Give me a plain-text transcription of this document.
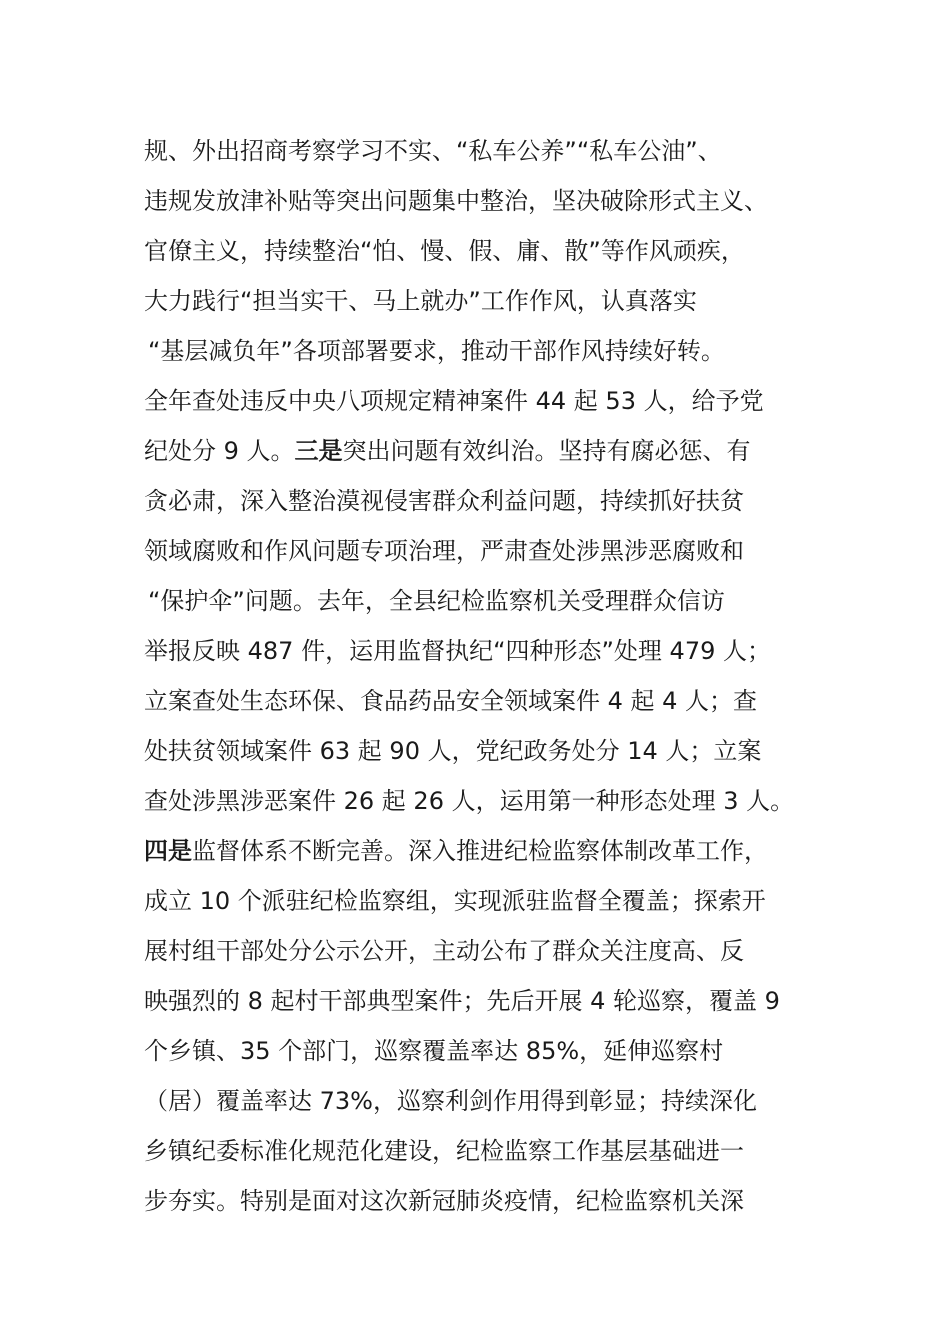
规、外出招商考察学习不实、“私车公养”“私车公油”、
违规发放津补贴等突出问题集中整治，坚决破除形式主义、
官僚主义，持续整治“怕、慢、假、庸、散”等作风顽疾，
大力践行“担当实干、马上就办”工作作风，认真落实
“基层减负年”各项部署要求，推动干部作风持续好转。
全年查处违反中央八项规定精神案件 44 起 53 人，给予党
纪处分 9 人。三是突出问题有效纠治。坚持有腐必惩、有
贪必肃，深入整治漠视侵害群众利益问题，持续抓好扶贫
领域腐败和作风问题专项治理，严肃查处涉黑涉恶腐败和
“保护伞”问题。去年，全县纪检监察机关受理群众信访
举报反映 487 件，运用监督执纪“四种形态”处理 479 人；
立案查处生态环保、食品药品安全领域案件 4 起 4 人；查
处扶贫领域案件 63 起 90 人，党纪政务处分 14 人；立案
查处涉黑涉恶案件 26 起 26 人，运用第一种形态处理 3 人。
四是监督体系不断完善。深入推进纪检监察体制改革工作，
成立 10 个派驻纪检监察组，实现派驻监督全覆盖；探索开
展村组干部处分公示公开，主动公布了群众关注度高、反
映强烈的 8 起村干部典型案件；先后开展 4 轮巡察，覆盖 9
个乡镇、35 个部门，巡察覆盖率达 85%，延伸巡察村
（居）覆盖率达 73%，巡察利剑作用得到彰显；持续深化
乡镇纪委标准化规范化建设，纪检监察工作基层基础进一
步夯实。特别是面对这次新冠肺炎疫情，纪检监察机关深
